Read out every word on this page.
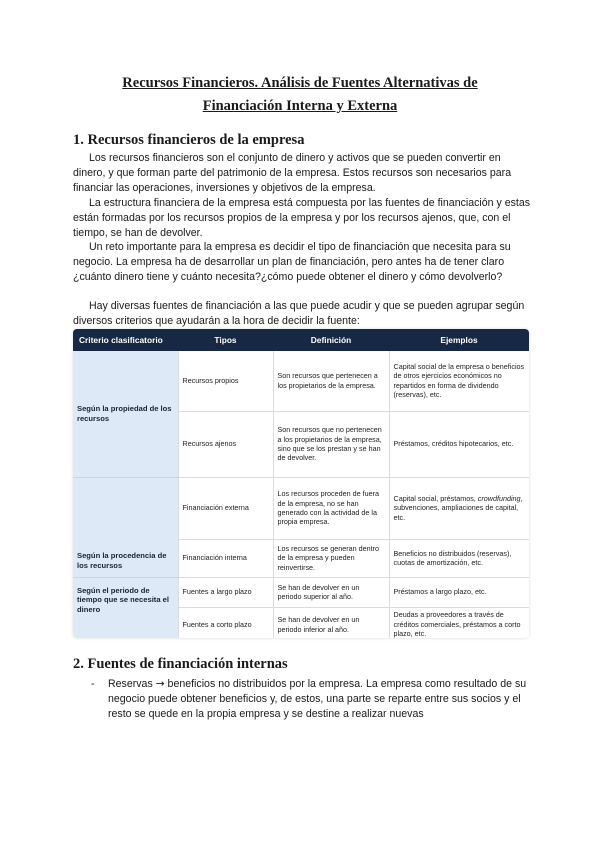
Recursos Financieros. Análisis de Fuentes Alternativas de
Financiación Interna y Externa
1. Recursos financieros de la empresa

Los recursos financieros son el conjunto de dinero y activos que se pueden convertir en dinero, y que forman parte del patrimonio de la empresa. Estos recursos son necesarios para financiar las operaciones, inversiones y objetivos de la empresa.

La estructura financiera de la empresa está compuesta por las fuentes de financiación y estas están formadas por los recursos propios de la empresa y por los recursos ajenos, que, con el tiempo, se han de devolver.

Un reto importante para la empresa es decidir el tipo de financiación que necesita para su negocio. La empresa ha de desarrollar un plan de financiación, pero antes ha de tener claro ¿cuánto dinero tiene y cuánto necesita?¿cómo puede obtener el dinero y cómo devolverlo?

Hay diversas fuentes de financiación a las que puede acudir y que se pueden agrupar según diversos criterios que ayudarán a la hora de decidir la fuente:

Criterio clasificatorio	Tipos	Definición	Ejemplos
Según la propiedad de los recursos	Recursos propios	Son recursos que pertenecen a los propietarios de la empresa.	Capital social de la empresa o beneficios de otros ejercicios económicos no repartidos en forma de dividendo (reservas), etc.
	Recursos ajenos	Son recursos que no pertenecen a los propietarios de la empresa, sino que se los prestan y se han de devolver.	Préstamos, créditos hipotecarios, etc.
Según la procedencia de los recursos	Financiación externa	Los recursos proceden de fuera de la empresa, no se han generado con la actividad de la propia empresa.	Capital social, préstamos, crowdfunding, subvenciones, ampliaciones de capital, etc.
	Financiación interna	Los recursos se generan dentro de la empresa y pueden reinvertirse.	Beneficios no distribuidos (reservas), cuotas de amortización, etc.
Según el periodo de tiempo que se necesita el dinero	Fuentes a largo plazo	Se han de devolver en un periodo superior al año.	Préstamos a largo plazo, etc.
	Fuentes a corto plazo	Se han de devolver en un periodo inferior al año.	Deudas a proveedores a través de créditos comerciales, préstamos a corto plazo, etc.
2. Fuentes de financiación internas
-	Reservas → beneficios no distribuidos por la empresa. La empresa como resultado de su negocio puede obtener beneficios y, de estos, una parte se reparte entre sus socios y el resto se quede en la propia empresa y se destine a realizar nuevas
